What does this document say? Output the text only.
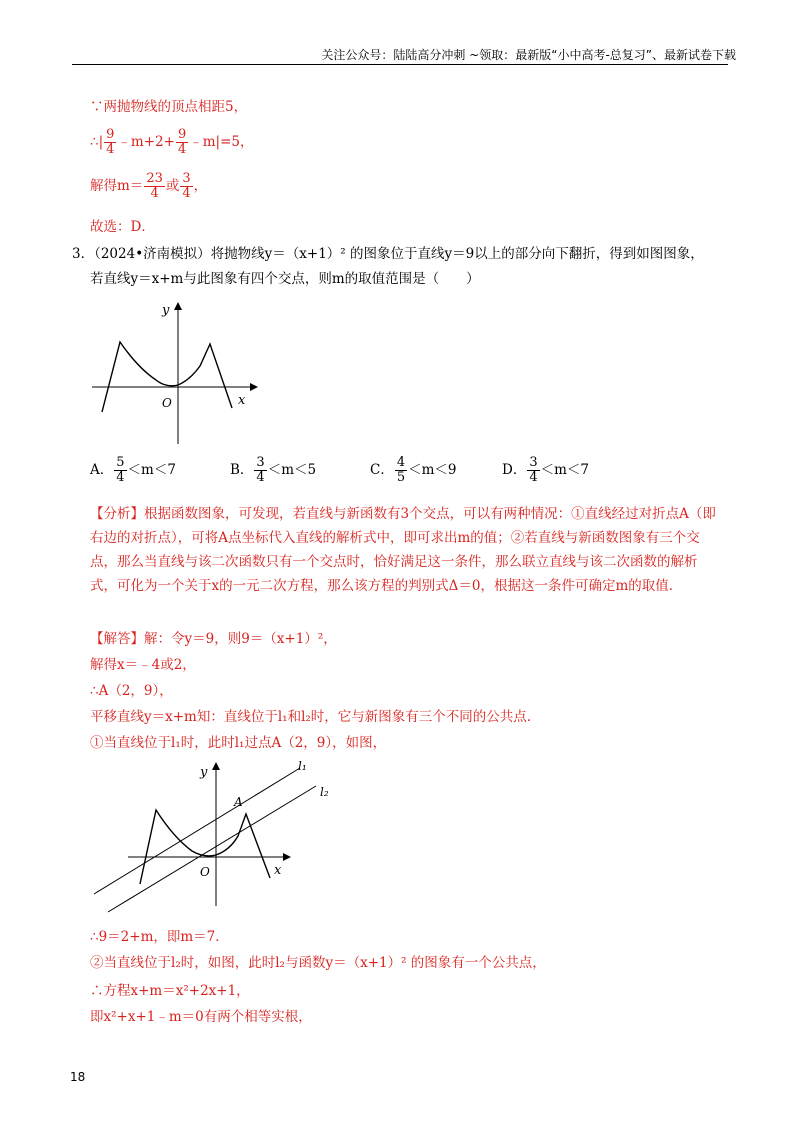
关注公众号：陆陆高分冲刺 ~领取：最新版“小中高考-总复习”、最新试卷下载
∵两抛物线的顶点相距5，
∴| $\frac{9}{4}$ ﹣m+2+ $\frac{9}{4}$ ﹣m|=5，
解得$m= \frac{23}{4}$ 或 $\frac{3}{4}$ ，
故选：D．
3．（2024•济南模拟）将抛物线y＝（x+1）² 的图象位于直线y＝9以上的部分向下翻折，得到如图图象，
若直线y＝x+m与此图象有四个交点，则m的取值范围是（　　）
y
x
O
A． $\frac{5}{4} <m<7$	B． $\frac{3}{4} <m<5$	C． $\frac{4}{5} <m<9$	D． $\frac{3}{4} <m<7$
【分析】根据函数图象，可发现，若直线与新函数有3个交点，可以有两种情况：①直线经过对折点A（即右边的对折点），可将A点坐标代入直线的解析式中，即可求出m的值；②若直线与新函数图象有三个交点，那么当直线与该二次函数只有一个交点时，恰好满足这一条件，那么联立直线与该二次函数的解析式，可化为一个关于x的一元二次方程，那么该方程的判别式Δ＝0，根据这一条件可确定m的取值．
【解答】解：令y＝9，则9＝（x+1）²，
解得x＝﹣4或2，
∴A（2，9），
平移直线y＝x+m知：直线位于l₁和l₂时，它与新图象有三个不同的公共点．
①当直线位于l₁时，此时l₁过点A（2，9），如图，
y
x
O
A
l₁
l₂
∴9＝2+m，即m＝7．
②当直线位于l₂时，如图，此时l₂与函数y＝（x+1）² 的图象有一个公共点，
∴方程x+m＝x²+2x+1，
即x²+x+1﹣m＝0有两个相等实根，
18
